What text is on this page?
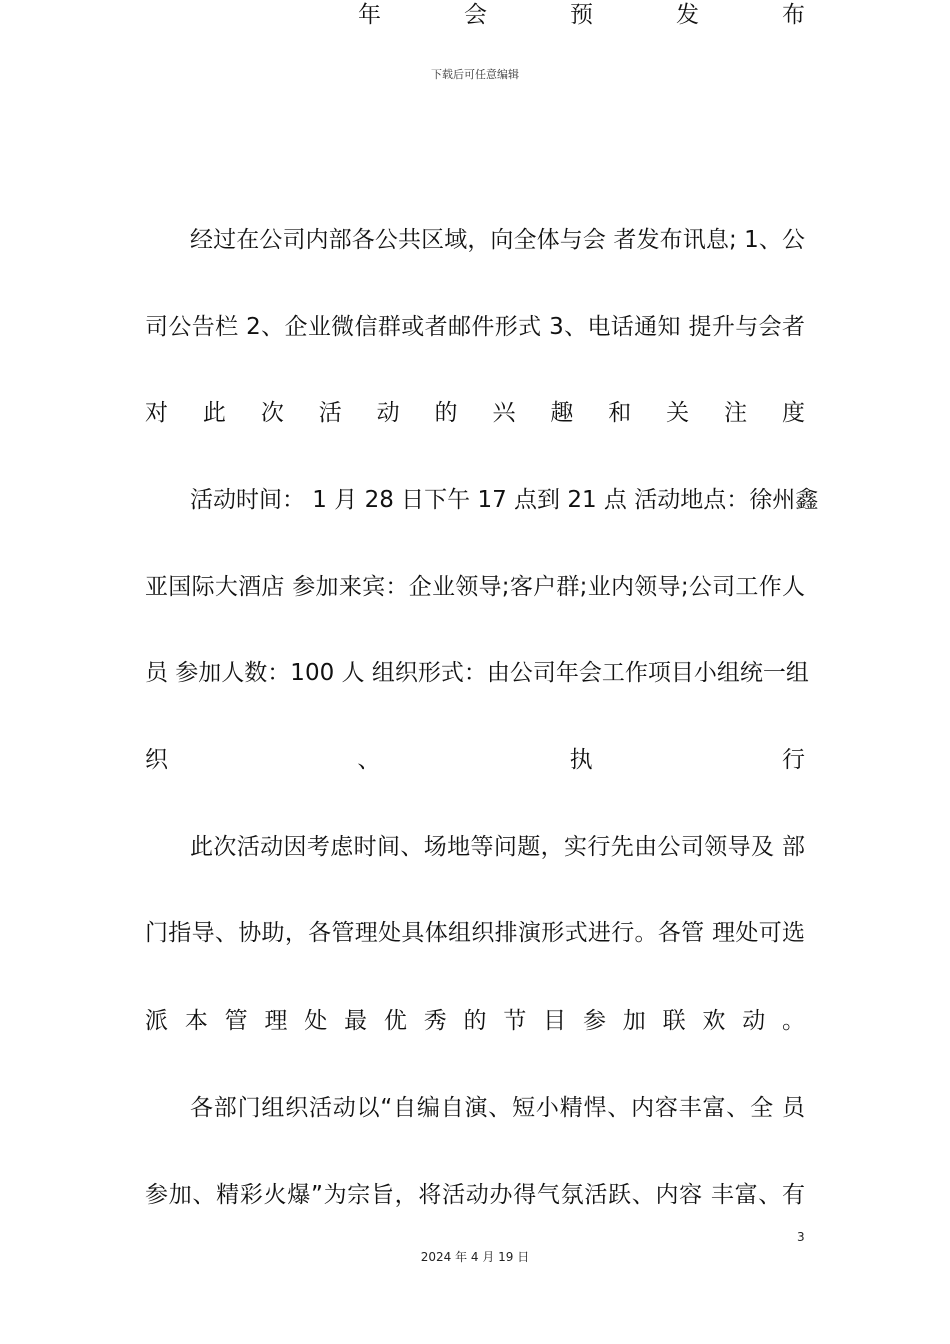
下载后可任意编辑
年	会	预	发	布
经过在公司内部各公共区域，向全体与会 者发布讯息; 1、公
司公告栏 2、企业微信群或者邮件形式 3、电话通知 提升与会者
对此次活动的兴趣和关注度
活动时间： 1 月 28 日下午 17 点到 21 点 活动地点：徐州鑫
亚国际大酒店 参加来宾：企业领导;客户群;业内领导;公司工作人
员 参加人数：100 人 组织形式：由公司年会工作项目小组统一组
织	、	执	行
此次活动因考虑时间、场地等问题，实行先由公司领导及 部
门指导、协助，各管理处具体组织排演形式进行。各管 理处可选
派本管理处最优秀的节目参加联欢动。
各部门组织活动以“自编自演、短小精悍、内容丰富、全 员
参加、精彩火爆”为宗旨，将活动办得气氛活跃、内容 丰富、有
3
2024 年 4 月 19 日
